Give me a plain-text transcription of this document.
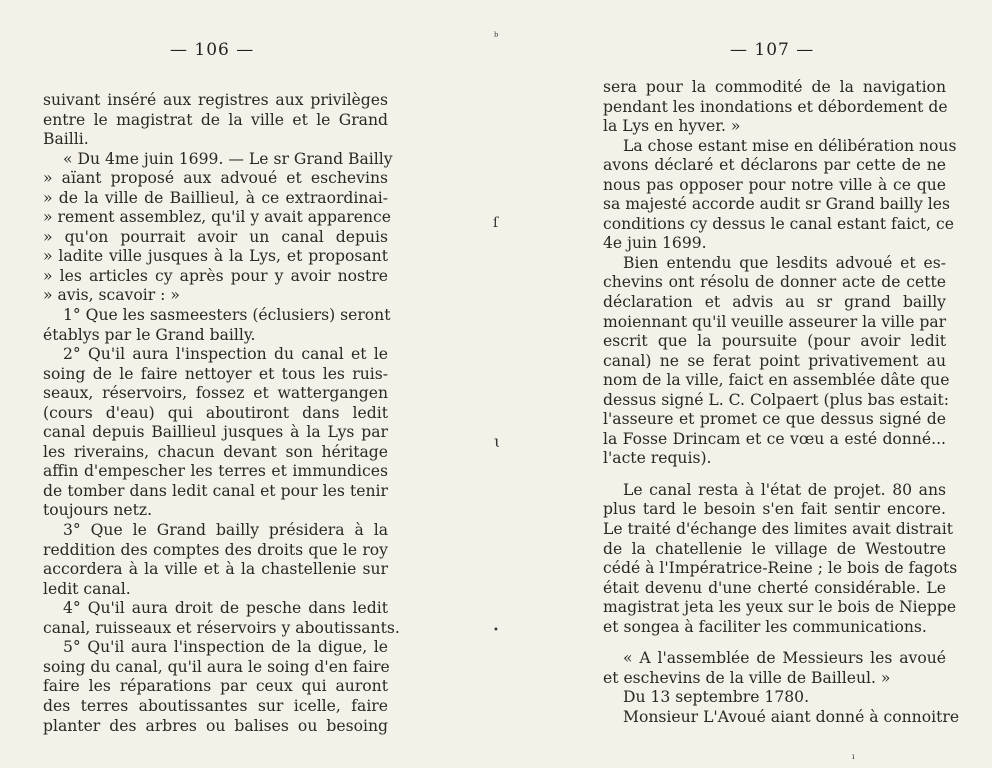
— 106 —	— 107 —
suivant inséré aux registres aux privilèges
entre le magistrat de la ville et le Grand
Bailli.
« Du 4me juin 1699. — Le sr Grand Bailly
» aïant proposé aux advoué et eschevins
» de la ville de Baillieul, à ce extraordinai-
» rement assemblez, qu'il y avait apparence
» qu'on pourrait avoir un canal depuis
» ladite ville jusques à la Lys, et proposant
» les articles cy après pour y avoir nostre
» avis, scavoir : »
1° Que les sasmeesters (éclusiers) seront
établys par le Grand bailly.
2° Qu'il aura l'inspection du canal et le
soing de le faire nettoyer et tous les ruis-
seaux, réservoirs, fossez et wattergangen
(cours d'eau) qui aboutiront dans ledit
canal depuis Baillieul jusques à la Lys par
les riverains, chacun devant son héritage
affin d'empescher les terres et immundices
de tomber dans ledit canal et pour les tenir
toujours netz.
3° Que le Grand bailly présidera à la
reddition des comptes des droits que le roy
accordera à la ville et à la chastellenie sur
ledit canal.
4° Qu'il aura droit de pesche dans ledit
canal, ruisseaux et réservoirs y aboutissants.
5° Qu'il aura l'inspection de la digue, le
soing du canal, qu'il aura le soing d'en faire
faire les réparations par ceux qui auront
des terres aboutissantes sur icelle, faire
planter des arbres ou balises ou besoing
sera pour la commodité de la navigation
pendant les inondations et débordement de
la Lys en hyver. »
La chose estant mise en délibération nous
avons déclaré et déclarons par cette de ne
nous pas opposer pour notre ville à ce que
sa majesté accorde audit sr Grand bailly les
conditions cy dessus le canal estant faict, ce
4e juin 1699.
Bien entendu que lesdits advoué et es-
chevins ont résolu de donner acte de cette
déclaration et advis au sr grand bailly
moiennant qu'il veuille asseurer la ville par
escrit que la poursuite (pour avoir ledit
canal) ne se ferat point privativement au
nom de la ville, faict en assemblée dâte que
dessus signé L. C. Colpaert (plus bas estait:
l'asseure et promet ce que dessus signé de
la Fosse Drincam et ce vœu a esté donné...
l'acte requis).
Le canal resta à l'état de projet. 80 ans
plus tard le besoin s'en fait sentir encore.
Le traité d'échange des limites avait distrait
de la chatellenie le village de Westoutre
cédé à l'Impératrice-Reine ; le bois de fagots
était devenu d'une cherté considérable. Le
magistrat jeta les yeux sur le bois de Nieppe
et songea à faciliter les communications.
« A l'assemblée de Messieurs les avoué
et eschevins de la ville de Bailleul. »
Du 13 septembre 1780.
Monsieur L'Avoué aiant donné à connoitre
ᵇ
ſ
ɩ
•
ı
